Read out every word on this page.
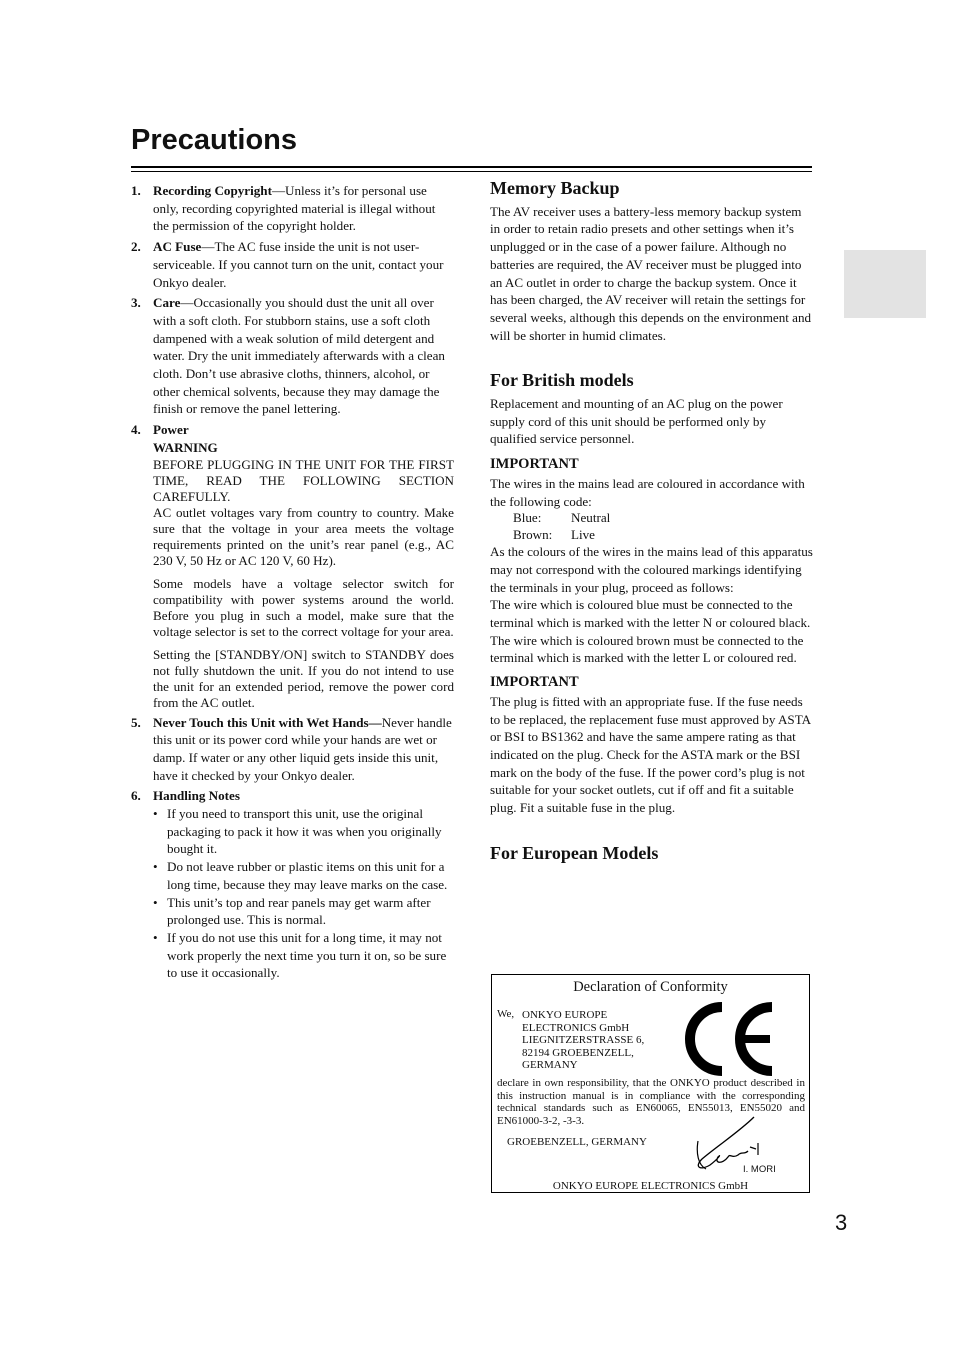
Precautions
1. Recording Copyright—Unless it’s for personal use only, recording copyrighted material is illegal without the permission of the copyright holder.

2. AC Fuse—The AC fuse inside the unit is not user-serviceable. If you cannot turn on the unit, contact your Onkyo dealer.

3. Care—Occasionally you should dust the unit all over with a soft cloth. For stubborn stains, use a soft cloth dampened with a weak solution of mild detergent and water. Dry the unit immediately afterwards with a clean cloth. Don’t use abrasive cloths, thinners, alcohol, or other chemical solvents, because they may damage the finish or remove the panel lettering.

4. Power

WARNING

BEFORE PLUGGING IN THE UNIT FOR THE FIRST TIME, READ THE FOLLOWING SECTION CAREFULLY.

AC outlet voltages vary from country to country. Make sure that the voltage in your area meets the voltage requirements printed on the unit’s rear panel (e.g., AC 230 V, 50 Hz or AC 120 V, 60 Hz).

Some models have a voltage selector switch for compatibility with power systems around the world. Before you plug in such a model, make sure that the voltage selector is set to the correct voltage for your area.

Setting the [STANDBY/ON] switch to STANDBY does not fully shutdown the unit. If you do not intend to use the unit for an extended period, remove the power cord from the AC outlet.

5. Never Touch this Unit with Wet Hands—Never handle this unit or its power cord while your hands are wet or damp. If water or any other liquid gets inside this unit, have it checked by your Onkyo dealer.

6. Handling Notes

• If you need to transport this unit, use the original packaging to pack it how it was when you originally bought it.
• Do not leave rubber or plastic items on this unit for a long time, because they may leave marks on the case.
• This unit’s top and rear panels may get warm after prolonged use. This is normal.
• If you do not use this unit for a long time, it may not work properly the next time you turn it on, so be sure to use it occasionally.
Memory Backup

The AV receiver uses a battery-less memory backup system in order to retain radio presets and other settings when it’s unplugged or in the case of a power failure. Although no batteries are required, the AV receiver must be plugged into an AC outlet in order to charge the backup system. Once it has been charged, the AV receiver will retain the settings for several weeks, although this depends on the environment and will be shorter in humid climates.

For British models

Replacement and mounting of an AC plug on the power supply cord of this unit should be performed only by qualified service personnel.

IMPORTANT

The wires in the mains lead are coloured in accordance with the following code:

Blue: Neutral
Brown: Live

As the colours of the wires in the mains lead of this apparatus may not correspond with the coloured markings identifying the terminals in your plug, proceed as follows:

The wire which is coloured blue must be connected to the terminal which is marked with the letter N or coloured black.

The wire which is coloured brown must be connected to the terminal which is marked with the letter L or coloured red.

IMPORTANT

The plug is fitted with an appropriate fuse. If the fuse needs to be replaced, the replacement fuse must approved by ASTA or BSI to BS1362 and have the same ampere rating as that indicated on the plug. Check for the ASTA mark or the BSI mark on the body of the fuse. If the power cord’s plug is not suitable for your socket outlets, cut if off and fit a suitable plug. Fit a suitable fuse in the plug.

For European Models
Declaration of Conformity
We, ONKYO EUROPE
ELECTRONICS GmbH
LIEGNITZERSTRASSE 6,
82194 GROEBENZELL,
GERMANY
declare in own responsibility, that the ONKYO product described in this instruction manual is in compliance with the corresponding technical standards such as EN60065, EN55013, EN55020 and EN61000-3-2, -3-3.
GROEBENZELL, GERMANY
I. MORI
ONKYO EUROPE ELECTRONICS GmbH
3
